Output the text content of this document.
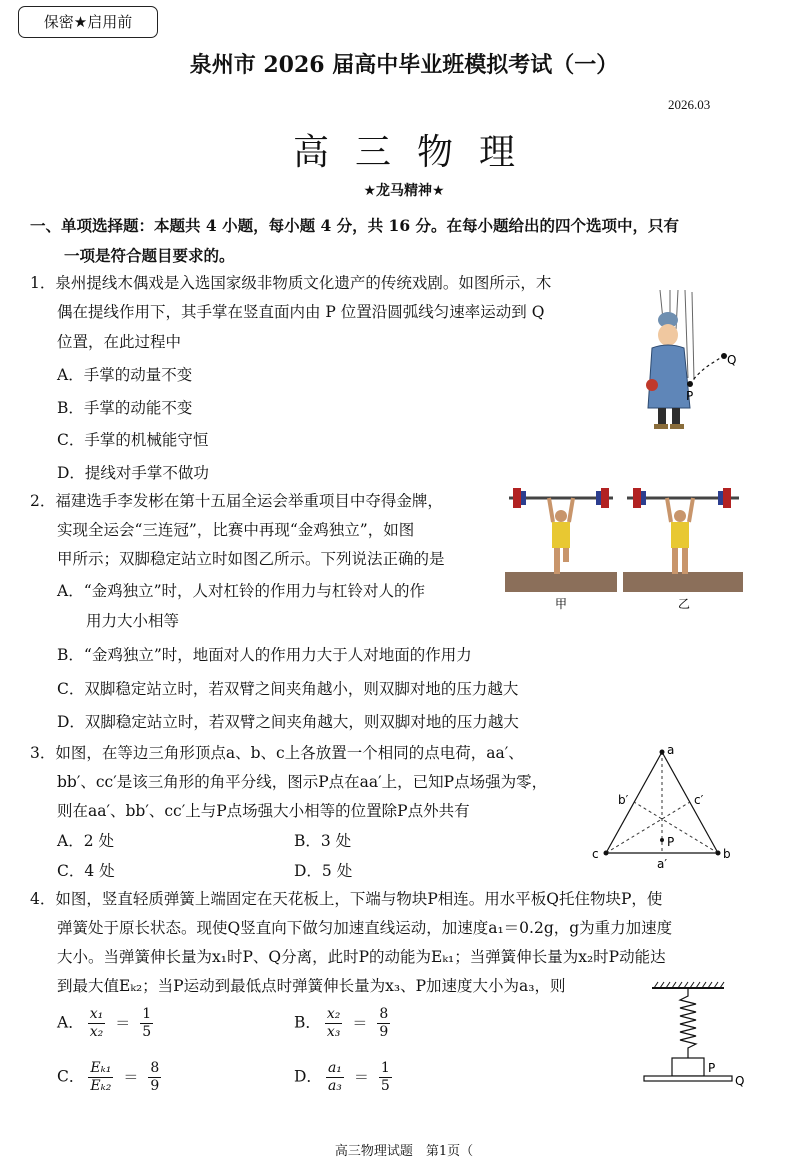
保密★启用前
泉州市 2026 届高中毕业班模拟考试（一）
2026.03
高三物理
★龙马精神★
一、单项选择题：本题共 4 小题，每小题 4 分，共 16 分。在每小题给出的四个选项中，只有
一项是符合题目要求的。
1．泉州提线木偶戏是入选国家级非物质文化遗产的传统戏剧。如图所示，木
偶在提线作用下，其手掌在竖直面内由 P 位置沿圆弧线匀速率运动到 Q
位置，在此过程中
A．手掌的动量不变
B．手掌的动能不变
C．手掌的机械能守恒
D．提线对手掌不做功
Q
P
2．福建选手李发彬在第十五届全运会举重项目中夺得金牌，
实现全运会“三连冠”，比赛中再现“金鸡独立”，如图
甲所示；双脚稳定站立时如图乙所示。下列说法正确的是
A．“金鸡独立”时，人对杠铃的作用力与杠铃对人的作
用力大小相等
B．“金鸡独立”时，地面对人的作用力大于人对地面的作用力
C．双脚稳定站立时，若双臂之间夹角越小，则双脚对地的压力越大
D．双脚稳定站立时，若双臂之间夹角越大，则双脚对地的压力越大
甲	乙
3．如图，在等边三角形顶点a、b、c上各放置一个相同的点电荷，aa′、
bb′、cc′是该三角形的角平分线，图示P点在aa′上，已知P点场强为零，
则在aa′、bb′、cc′上与P点场强大小相等的位置除P点外共有
A．2 处	B．3 处
C．4 处	D．5 处
a
b
c
a′
b′	c′
P
4．如图，竖直轻质弹簧上端固定在天花板上，下端与物块P相连。用水平板Q托住物块P，使
弹簧处于原长状态。现使Q竖直向下做匀加速直线运动，加速度a₁＝0.2g，g为重力加速度
大小。当弹簧伸长量为x₁时P、Q分离，此时P的动能为Eₖ₁；当弹簧伸长量为x₂时P动能达
到最大值Eₖ₂；当P运动到最低点时弹簧伸长量为x₃、P加速度大小为a₃，则
A． $\frac{\text{x₁}}{\text{x₂}} = \frac{1}{5}$	B． $\frac{\text{x₂}}{\text{x₃}} = \frac{8}{9}$
C． $\frac{\text{Eₖ₁}}{\text{Eₖ₂}} = \frac{8}{9}$	D． $\frac{\text{a₁}}{\text{a₃}} = \frac{1}{5}$	P
Q
高三物理试题　第1页（
